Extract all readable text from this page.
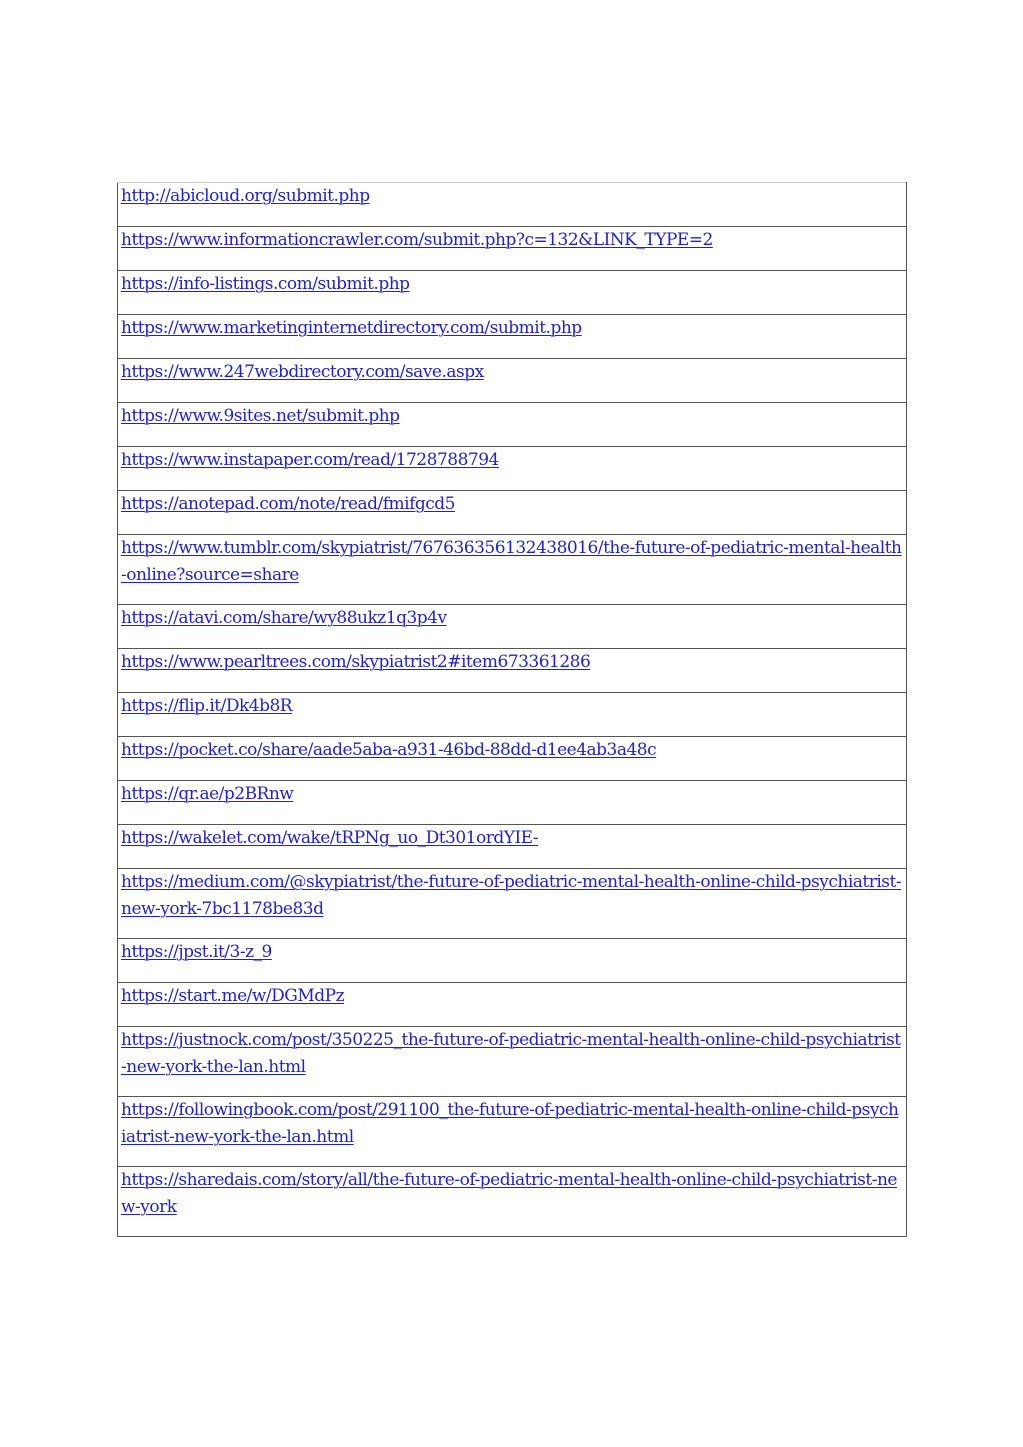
http://abicloud.org/submit.php
https://www.informationcrawler.com/submit.php?c=132&LINK_TYPE=2
https://info-listings.com/submit.php
https://www.marketinginternetdirectory.com/submit.php
https://www.247webdirectory.com/save.aspx
https://www.9sites.net/submit.php
https://www.instapaper.com/read/1728788794
https://anotepad.com/note/read/fmifgcd5
https://www.tumblr.com/skypiatrist/767636356132438016/the-future-of-pediatric-mental-health-online?source=share
https://atavi.com/share/wy88ukz1q3p4v
https://www.pearltrees.com/skypiatrist2#item673361286
https://flip.it/Dk4b8R
https://pocket.co/share/aade5aba-a931-46bd-88dd-d1ee4ab3a48c
https://qr.ae/p2BRnw
https://wakelet.com/wake/tRPNg_uo_Dt301ordYIE-
https://medium.com/@skypiatrist/the-future-of-pediatric-mental-health-online-child-psychiatrist-new-york-7bc1178be83d
https://jpst.it/3-z_9
https://start.me/w/DGMdPz
https://justnock.com/post/350225_the-future-of-pediatric-mental-health-online-child-psychiatrist-new-york-the-lan.html
https://followingbook.com/post/291100_the-future-of-pediatric-mental-health-online-child-psychiatrist-new-york-the-lan.html
https://sharedais.com/story/all/the-future-of-pediatric-mental-health-online-child-psychiatrist-new-york
